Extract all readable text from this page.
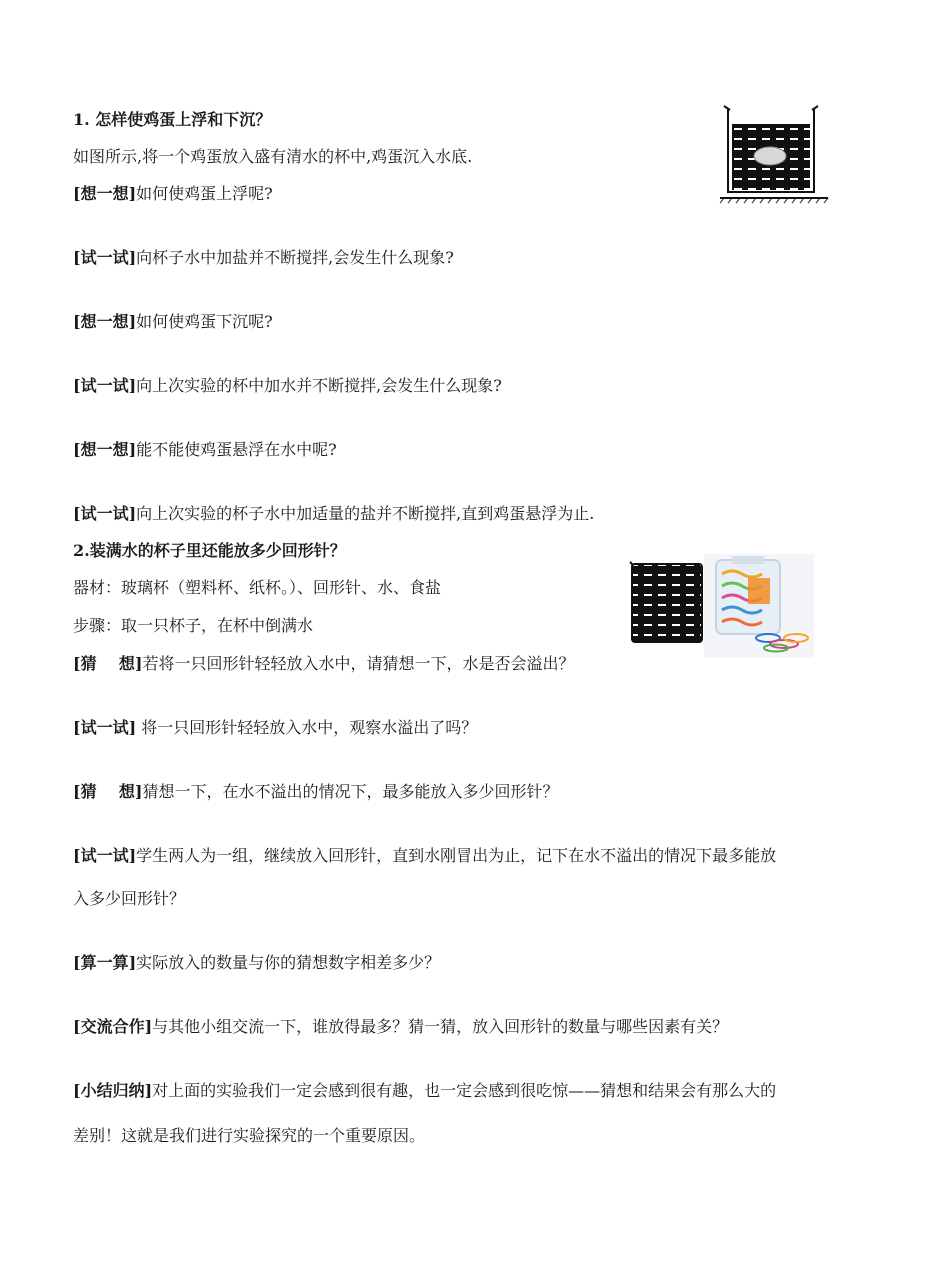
1. 怎样使鸡蛋上浮和下沉？
如图所示,将一个鸡蛋放入盛有清水的杯中,鸡蛋沉入水底.
[想一想]如何使鸡蛋上浮呢?
[试一试]向杯子水中加盐并不断搅拌,会发生什么现象?
[想一想]如何使鸡蛋下沉呢?
[试一试]向上次实验的杯中加水并不断搅拌,会发生什么现象?
[想一想]能不能使鸡蛋悬浮在水中呢?
[试一试]向上次实验的杯子水中加适量的盐并不断搅拌,直到鸡蛋悬浮为止.
2.装满水的杯子里还能放多少回形针？
器材：玻璃杯（塑料杯、纸杯。）、回形针、水、食盐
步骤：取一只杯子，在杯中倒满水
[猜    想]若将一只回形针轻轻放入水中，请猜想一下，水是否会溢出？
[试一试] 将一只回形针轻轻放入水中，观察水溢出了吗？
[猜    想]猜想一下，在水不溢出的情况下，最多能放入多少回形针？
[试一试]学生两人为一组，继续放入回形针，直到水刚冒出为止，记下在水不溢出的情况下最多能放
入多少回形针？
[算一算]实际放入的数量与你的猜想数字相差多少？
[交流合作]与其他小组交流一下，谁放得最多？猜一猜，放入回形针的数量与哪些因素有关？
[小结归纳]对上面的实验我们一定会感到很有趣，也一定会感到很吃惊——猜想和结果会有那么大的
差别！这就是我们进行实验探究的一个重要原因。
